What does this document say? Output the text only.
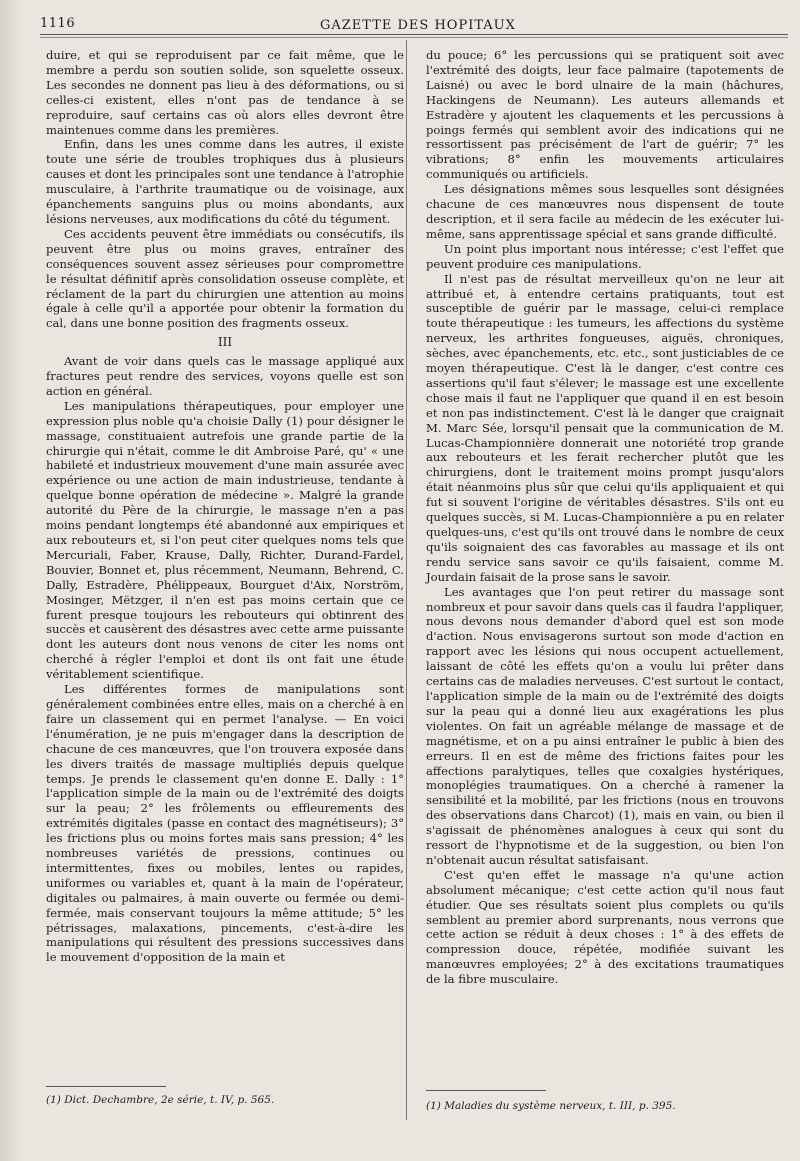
1116	GAZETTE DES HOPITAUX

duire, et qui se reproduisent par ce fait même, que le membre a perdu son soutien solide, son squelette osseux. Les secondes ne donnent pas lieu à des déformations, ou si celles-ci existent, elles n'ont pas de tendance à se reproduire, sauf certains cas où alors elles devront être maintenues comme dans les premières.

Enfin, dans les unes comme dans les autres, il existe toute une série de troubles trophiques dus à plusieurs causes et dont les principales sont une tendance à l'atrophie musculaire, à l'arthrite traumatique ou de voisinage, aux épanchements sanguins plus ou moins abondants, aux lésions nerveuses, aux modifications du côté du tégument.

Ces accidents peuvent être immédiats ou consécutifs, ils peuvent être plus ou moins graves, entraîner des conséquences souvent assez sérieuses pour compromettre le résultat définitif après consolidation osseuse complète, et réclament de la part du chirurgien une attention au moins égale à celle qu'il a apportée pour obtenir la formation du cal, dans une bonne position des fragments osseux.

III

Avant de voir dans quels cas le massage appliqué aux fractures peut rendre des services, voyons quelle est son action en général.

Les manipulations thérapeutiques, pour employer une expression plus noble qu'a choisie Dally (1) pour désigner le massage, constituaient autrefois une grande partie de la chirurgie qui n'était, comme le dit Ambroise Paré, qu' « une habileté et industrieux mouvement d'une main assurée avec expérience ou une action de main industrieuse, tendante à quelque bonne opération de médecine ». Malgré la grande autorité du Père de la chirurgie, le massage n'en a pas moins pendant longtemps été abandonné aux empiriques et aux rebouteurs et, si l'on peut citer quelques noms tels que Mercuriali, Faber, Krause, Dally, Richter, Durand-Fardel, Bouvier, Bonnet et, plus récemment, Neumann, Behrend, C. Dally, Estradère, Phélippeaux, Bourguet d'Aix, Norström, Mosinger, Mëtzger, il n'en est pas moins certain que ce furent presque toujours les rebouteurs qui obtinrent des succès et causèrent des désastres avec cette arme puissante dont les auteurs dont nous venons de citer les noms ont cherché à régler l'emploi et dont ils ont fait une étude véritablement scientifique.

Les différentes formes de manipulations sont généralement combinées entre elles, mais on a cherché à en faire un classement qui en permet l'analyse. — En voici l'énumération, je ne puis m'engager dans la description de chacune de ces manœuvres, que l'on trouvera exposée dans les divers traités de massage multipliés depuis quelque temps. Je prends le classement qu'en donne E. Dally : 1° l'application simple de la main ou de l'extrémité des doigts sur la peau; 2° les frôlements ou effleurements des extrémités digitales (passe en contact des magnétiseurs); 3° les frictions plus ou moins fortes mais sans pression; 4° les nombreuses variétés de pressions, continues ou intermittentes, fixes ou mobiles, lentes ou rapides, uniformes ou variables et, quant à la main de l'opérateur, digitales ou palmaires, à main ouverte ou fermée ou demi-fermée, mais conservant toujours la même attitude; 5° les pétrissages, malaxations, pincements, c'est-à-dire les manipulations qui résultent des pressions successives dans le mouvement d'opposition de la main et

du pouce; 6° les percussions qui se pratiquent soit avec l'extrémité des doigts, leur face palmaire (tapotements de Laisné) ou avec le bord ulnaire de la main (hâchures, Hackingens de Neumann). Les auteurs allemands et Estradère y ajoutent les claquements et les percussions à poings fermés qui semblent avoir des indications qui ne ressortissent pas précisément de l'art de guérir; 7° les vibrations; 8° enfin les mouvements articulaires communiqués ou artificiels.

Les désignations mêmes sous lesquelles sont désignées chacune de ces manœuvres nous dispensent de toute description, et il sera facile au médecin de les exécuter lui-même, sans apprentissage spécial et sans grande difficulté.

Un point plus important nous intéresse; c'est l'effet que peuvent produire ces manipulations.

Il n'est pas de résultat merveilleux qu'on ne leur ait attribué et, à entendre certains pratiquants, tout est susceptible de guérir par le massage, celui-ci remplace toute thérapeutique : les tumeurs, les affections du système nerveux, les arthrites fongueuses, aiguës, chroniques, sèches, avec épanchements, etc. etc., sont justiciables de ce moyen thérapeutique. C'est là le danger, c'est contre ces assertions qu'il faut s'élever; le massage est une excellente chose mais il faut ne l'appliquer que quand il en est besoin et non pas indistinctement. C'est là le danger que craignait M. Marc Sée, lorsqu'il pensait que la communication de M. Lucas-Championnière donnerait une notoriété trop grande aux rebouteurs et les ferait rechercher plutôt que les chirurgiens, dont le traitement moins prompt jusqu'alors était néanmoins plus sûr que celui qu'ils appliquaient et qui fut si souvent l'origine de véritables désastres. S'ils ont eu quelques succès, si M. Lucas-Championnière a pu en relater quelques-uns, c'est qu'ils ont trouvé dans le nombre de ceux qu'ils soignaient des cas favorables au massage et ils ont rendu service sans savoir ce qu'ils faisaient, comme M. Jourdain faisait de la prose sans le savoir.

Les avantages que l'on peut retirer du massage sont nombreux et pour savoir dans quels cas il faudra l'appliquer, nous devons nous demander d'abord quel est son mode d'action. Nous envisagerons surtout son mode d'action en rapport avec les lésions qui nous occupent actuellement, laissant de côté les effets qu'on a voulu lui prêter dans certains cas de maladies nerveuses. C'est surtout le contact, l'application simple de la main ou de l'extrémité des doigts sur la peau qui a donné lieu aux exagérations les plus violentes. On fait un agréable mélange de massage et de magnétisme, et on a pu ainsi entraîner le public à bien des erreurs. Il en est de même des frictions faites pour les affections paralytiques, telles que coxalgies hystériques, monoplégies traumatiques. On a cherché à ramener la sensibilité et la mobilité, par les frictions (nous en trouvons des observations dans Charcot) (1), mais en vain, ou bien il s'agissait de phénomènes analogues à ceux qui sont du ressort de l'hypnotisme et de la suggestion, ou bien l'on n'obtenait aucun résultat satisfaisant.

C'est qu'en effet le massage n'a qu'une action absolument mécanique; c'est cette action qu'il nous faut étudier. Que ses résultats soient plus complets ou qu'ils semblent au premier abord surprenants, nous verrons que cette action se réduit à deux choses : 1° à des effets de compression douce, répétée, modifiée suivant les manœuvres employées; 2° à des excitations traumatiques de la fibre musculaire.

(1) Dict. Dechambre, 2e série, t. IV, p. 565.	(1) Maladies du système nerveux, t. III, p. 395.
